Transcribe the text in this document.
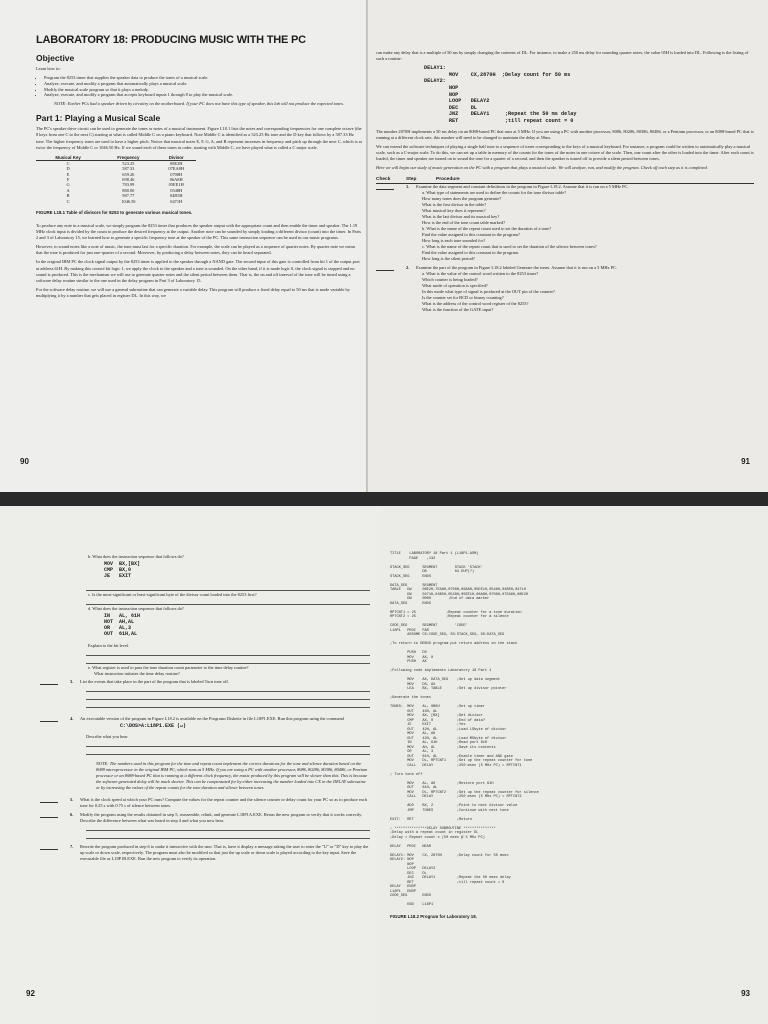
LABORATORY 18: PRODUCING MUSIC WITH THE PC
Objective

Learn how to:

• Program the 8253 timer that supplies the speaker data to produce the tones of a musical scale.
• Analyze, execute, and modify a program that automatically plays a musical scale.
• Modify the musical scale program so that it plays a melody.
• Analyze, execute, and modify a program that accepts keyboard inputs 1 through 8 to play the musical scale.

NOTE: Earlier PCs had a speaker driven by circuitry on the motherboard. If your PC does not have this type of speaker, this lab will not produce the expected tones.

Part 1: Playing a Musical Scale

The PC's speaker drive circuit can be used to generate the tones or notes of a musical instrument. Figure L18.1 lists the notes and corresponding frequencies for one complete octave (the 8 keys from one C to the next C) starting at what is called Middle C on a piano keyboard. Note Middle C is identified as a 523.25 Hz tone and the D key that follows by a 587.33 Hz tone. The higher frequency tones are used to have a higher pitch. Notice that musical notes E, F, G, A, and B represent increases in frequency and pitch up through the next C, which is at twice the frequency of Middle C or 1046.50 Hz. If we sound each of these tones in order, starting with Middle C, we have played what is called a C major scale.

Musical Key	Frequency	Divisor
C	523.25	08E2H
D	587.33	07EA8H
E	659.26	0708H
F	698.46	06A8H
G	783.99	05EE1H
A	880.00	0548H
B	987.77	04B5H
C	1046.50	0471H
FIGURE L18.1 Table of divisors for 8253 to generate various musical tones.

To produce any note in a musical scale, we simply program the 8253 timer that produces the speaker output with the appropriate count and then enable the timer and speaker. The 1.19 MHz clock input is divided by the count to produce the desired frequency at the output. Another note can be sounded by simply loading a different divisor (count) into the timer. In Parts 2 and 3 of Laboratory 15, we learned how to generate a specific frequency tone at the speaker of the PC. This same instruction sequence can be used in our music programs.

However, to sound notes like a note of music, the tone must last for a specific duration. For example, the scale can be played as a sequence of quarter notes. By quarter note we mean that the tone is produced for just one-quarter of a second. Moreover, by producing a delay between notes, they can be heard separated.

In the original IBM PC the clock signal output by the 8253 timer is applied to the speaker through a NAND gate. The second input of this gate is controlled from bit 1 of the output port at address 61H. By making this control bit logic 1, we apply the clock to the speaker and a tone is sounded. On the other hand, if it is made logic 0, the clock signal is stopped and no sound is produced. This is the mechanism we will use to generate quarter notes and the silent period between them. That is, the on and off interval of the tone will be timed using a software delay routine similar to the one used in the delay program in Part 3 of Laboratory 15.

For the software delay routine, we will use a general subroutine that can generate a variable delay. This program will produce a fixed delay equal to 50 ms that is made variable by multiplying it by a number that gets placed in register DL. In this way, we

90

can make any delay that is a multiple of 50 ms by simply changing the contents of DL. For instance, to make a 250 ms delay for sounding quarter notes, the value 05H is loaded into DL. Following is the listing of such a routine:

DELAY1:
MOV    CX,2870H  ;Delay count for 50 ms
DELAY2:
NOP
NOP
LOOP   DELAY2
DEC    DL
JNZ    DELAY1     ;Repeat the 50 ms delay
RET               ;till repeat count = 0

The number 2870H implements a 50 ms delay on an 8088-based PC that runs at 5 MHz. If you are using a PC with another processor, 8086, 80286, 80386, 80486, or a Pentium processor, or an 8088-based PC that is running at a different clock rate, this number will need to be changed to maintain the delay at 50ms.

We can extend the software techniques of playing a single half tone to a sequence of tones corresponding to the keys of a musical keyboard. For instance, a program could be written to automatically play a musical scale, such as a C-major scale. To do this, we can set up a table in memory of the counts for the tones of the notes in one octave of the scale. Then, one count after the other is loaded into the timer. After each count is loaded, the timer and speaker are turned on to sound the tone for a quarter of a second, and then the speaker is turned off to provide a silent period between tones.

Here we will begin our study of music generation on the PC with a program that plays a musical scale. We will analyze, run, and modify the program. Check off each step as it is completed.

Check	Step	Procedure
1.	Examine the data segment and constant definitions in the program in Figure L18.2. Assume that it is run on a 5 MHz PC.
a. What type of statements are used to define the counts for the tone divisor table?
How many tones does the program generate?
What is the first divisor in the table?
What musical key does it represent?
What is the last divisor and its musical key?
How is the end of the tone count table marked?
b. What is the name of the repeat count used to set the duration of a tone?
Find the value assigned to this constant in the program?
How long is each tone sounded for?
c. What is the name of the repeat count that is used to set the duration of the silence between tones?
Find the value assigned to this constant in the program.
How long is the silent period?
2.	Examine the part of the program in Figure L18.2 labeled Generate the tones. Assume that it is run on a 5 MHz PC.
a. What is the value of the control word written to the 8253 timer?
Which counter is being loaded?
What mode of operation is specified?
In this mode what type of signal is produced at the OUT pin of the counter?
Is the counter set for BCD or binary counting?
What is the address of the control word register of the 8253?
What is the function of the GATE input?
91
b. What does the instruction sequence that follows do?
MOV  BX,[BX]
CMP  BX,0
JE   EXIT
c. Is the most-significant or least-significant byte of the divisor count loaded into the 8253 first?
d. What does the instruction sequence that follows do?
IN   AL, 61H
NOT  AH,AL
OR   AL,3
OUT  61H,AL
Explain to the bit level.
e. What register is used to pass the tone duration count parameter to the time delay routine?
What instruction initiates the time delay routine?
3.	List the events that take place in the part of the program that is labeled Turn tone off.
4.	An executable version of the program in Figure L18.2 is available on the Programs Diskette in file L18P1.EXE. Run this program using the command
C:\DOS>A:L18P1.EXE (↵)
Describe what you hear.

NOTE: The numbers used in this program for the time and repeat count implement the correct durations for the tone and silence duration based on the 8088 microprocessor in the original IBM PC, which runs at 5 MHz. If you are using a PC with another processor, 8086, 80286, 80386, 80486, or Pentium processor or an 8088-based PC that is running at a different clock frequency, the music produced by this program will be slower than this. This is because the software generated delay will be much shorter. This can be compensated for by either increasing the number loaded into CX in the DELAY subroutine or by increasing the values of the repeat counts for the tone duration and silence between tones.

5.	What is the clock speed at which your PC runs? Compute the values for the repeat counter and the silence counter or delay count for your PC so as to produce each tone for 0.25 s with 0.75 s of silence between tones.
6.	Modify the program using the results obtained in step 5, reassemble, relink, and generate L18P1A.EXE. Rerun the new program to verify that it works correctly. Describe the difference between what was heard in step 4 and what you now hear.
7.	Rewrite the program produced in step 6 to make it interactive with the user. That is, have it display a message asking the user to enter the "U" or "D" key to play the up scale or down scale, respectively. The program must also be modified so that just the up scale or down scale is played according to the key input. Save the executable file as L18P1B.EXE. Run the new program to verify its operation.
92
TITLE    LABORATORY 18 Part 1 (L18P1.ASM)
PAGE    ,132

STACK_SEG      SEGMENT        STACK 'STACK'
DB             64 DUP(?)
STACK_SEG      ENDS

DATA_SEG       SEGMENT
TABLE   DW     08E2H,7EA8H,0708H,06A8H,05EE1H,0548H,04B5H,0471H
DW     0471H,04B5H,0548H,05EE1H,06A8H,0708H,07EA8H,08E2H
DW     0000        ;End of data marker
DATA_SEG       ENDS

RPTCNT1 = 25              ;Repeat counter for a tone duration
RPTCNT2 = 25              ;Repeat counter for a silence

CODE_SEG       SEGMENT        'CODE'
L18P1   PROC   FAR
ASSUME CS:CODE_SEG, SS:STACK_SEG, DS:DATA_SEG

;To return to DEBUG program put return address on the stack

PUSH   DS
MOV    AX, 0
PUSH   AX

;Following code implements Laboratory 18 Part 1

MOV    AX, DATA_SEG    ;Set up data segment
MOV    DS, AX
LEA    BX, TABLE       ;Set up divisor pointer

;Generate the tones

TONES:  MOV    AL, 0B6H        ;Set up timer
OUT    43H, AL
MOV    AX, [BX]        ;Get divisor
CMP    AX, 0           ;End of data?
JE     EXIT            ;Yes
OUT    42H, AL         ;Load LSbyte of divisor
MOV    AL, AH
OUT    42H, AL         ;Load MSbyte of divisor
IN     AL, 61H         ;Read port 61H
MOV    AH, AL          ;Save its contents
OR     AL, 3
OUT    61H, AL         ;Enable timer and AND gate
MOV    DL, RPTCNT1     ;Set up the repeat counter for tone
CALL   DELAY           ;250 msec (5 MHz PC) = RPTCNT1

; Turn tone off

MOV    AL, AH          ;Restore port 61H
OUT    61H, AL
MOV    DL, RPTCNT2     ;Set up the repeat counter for silence
CALL   DELAY           ;250 msec (5 MHz PC) = RPTCNT2

ADD    BX, 2           ;Point to next divisor value
JMP    TONES           ;Continue with next tone

EXIT:   RET                    ;Return

; ***************DELAY SUBROUTINE ***************
;Delay with a repeat count in register DL
;Delay = Repeat count x (50 msec @ 5 MHz PC)

DELAY   PROC   NEAR

DELAY1: MOV    CX, 2870H       ;Delay count for 50 msec
DELAY2: NOP
NOP
LOOP   DELAY2
DEC    DL
JNZ    DELAY1          ;Repeat the 50 msec delay
RET                    ;till repeat count = 0
DELAY   ENDP
L18P1   ENDP
CODE_SEG       ENDS

END    L18P1
FIGURE L18.2 Program for Laboratory 18.
93
